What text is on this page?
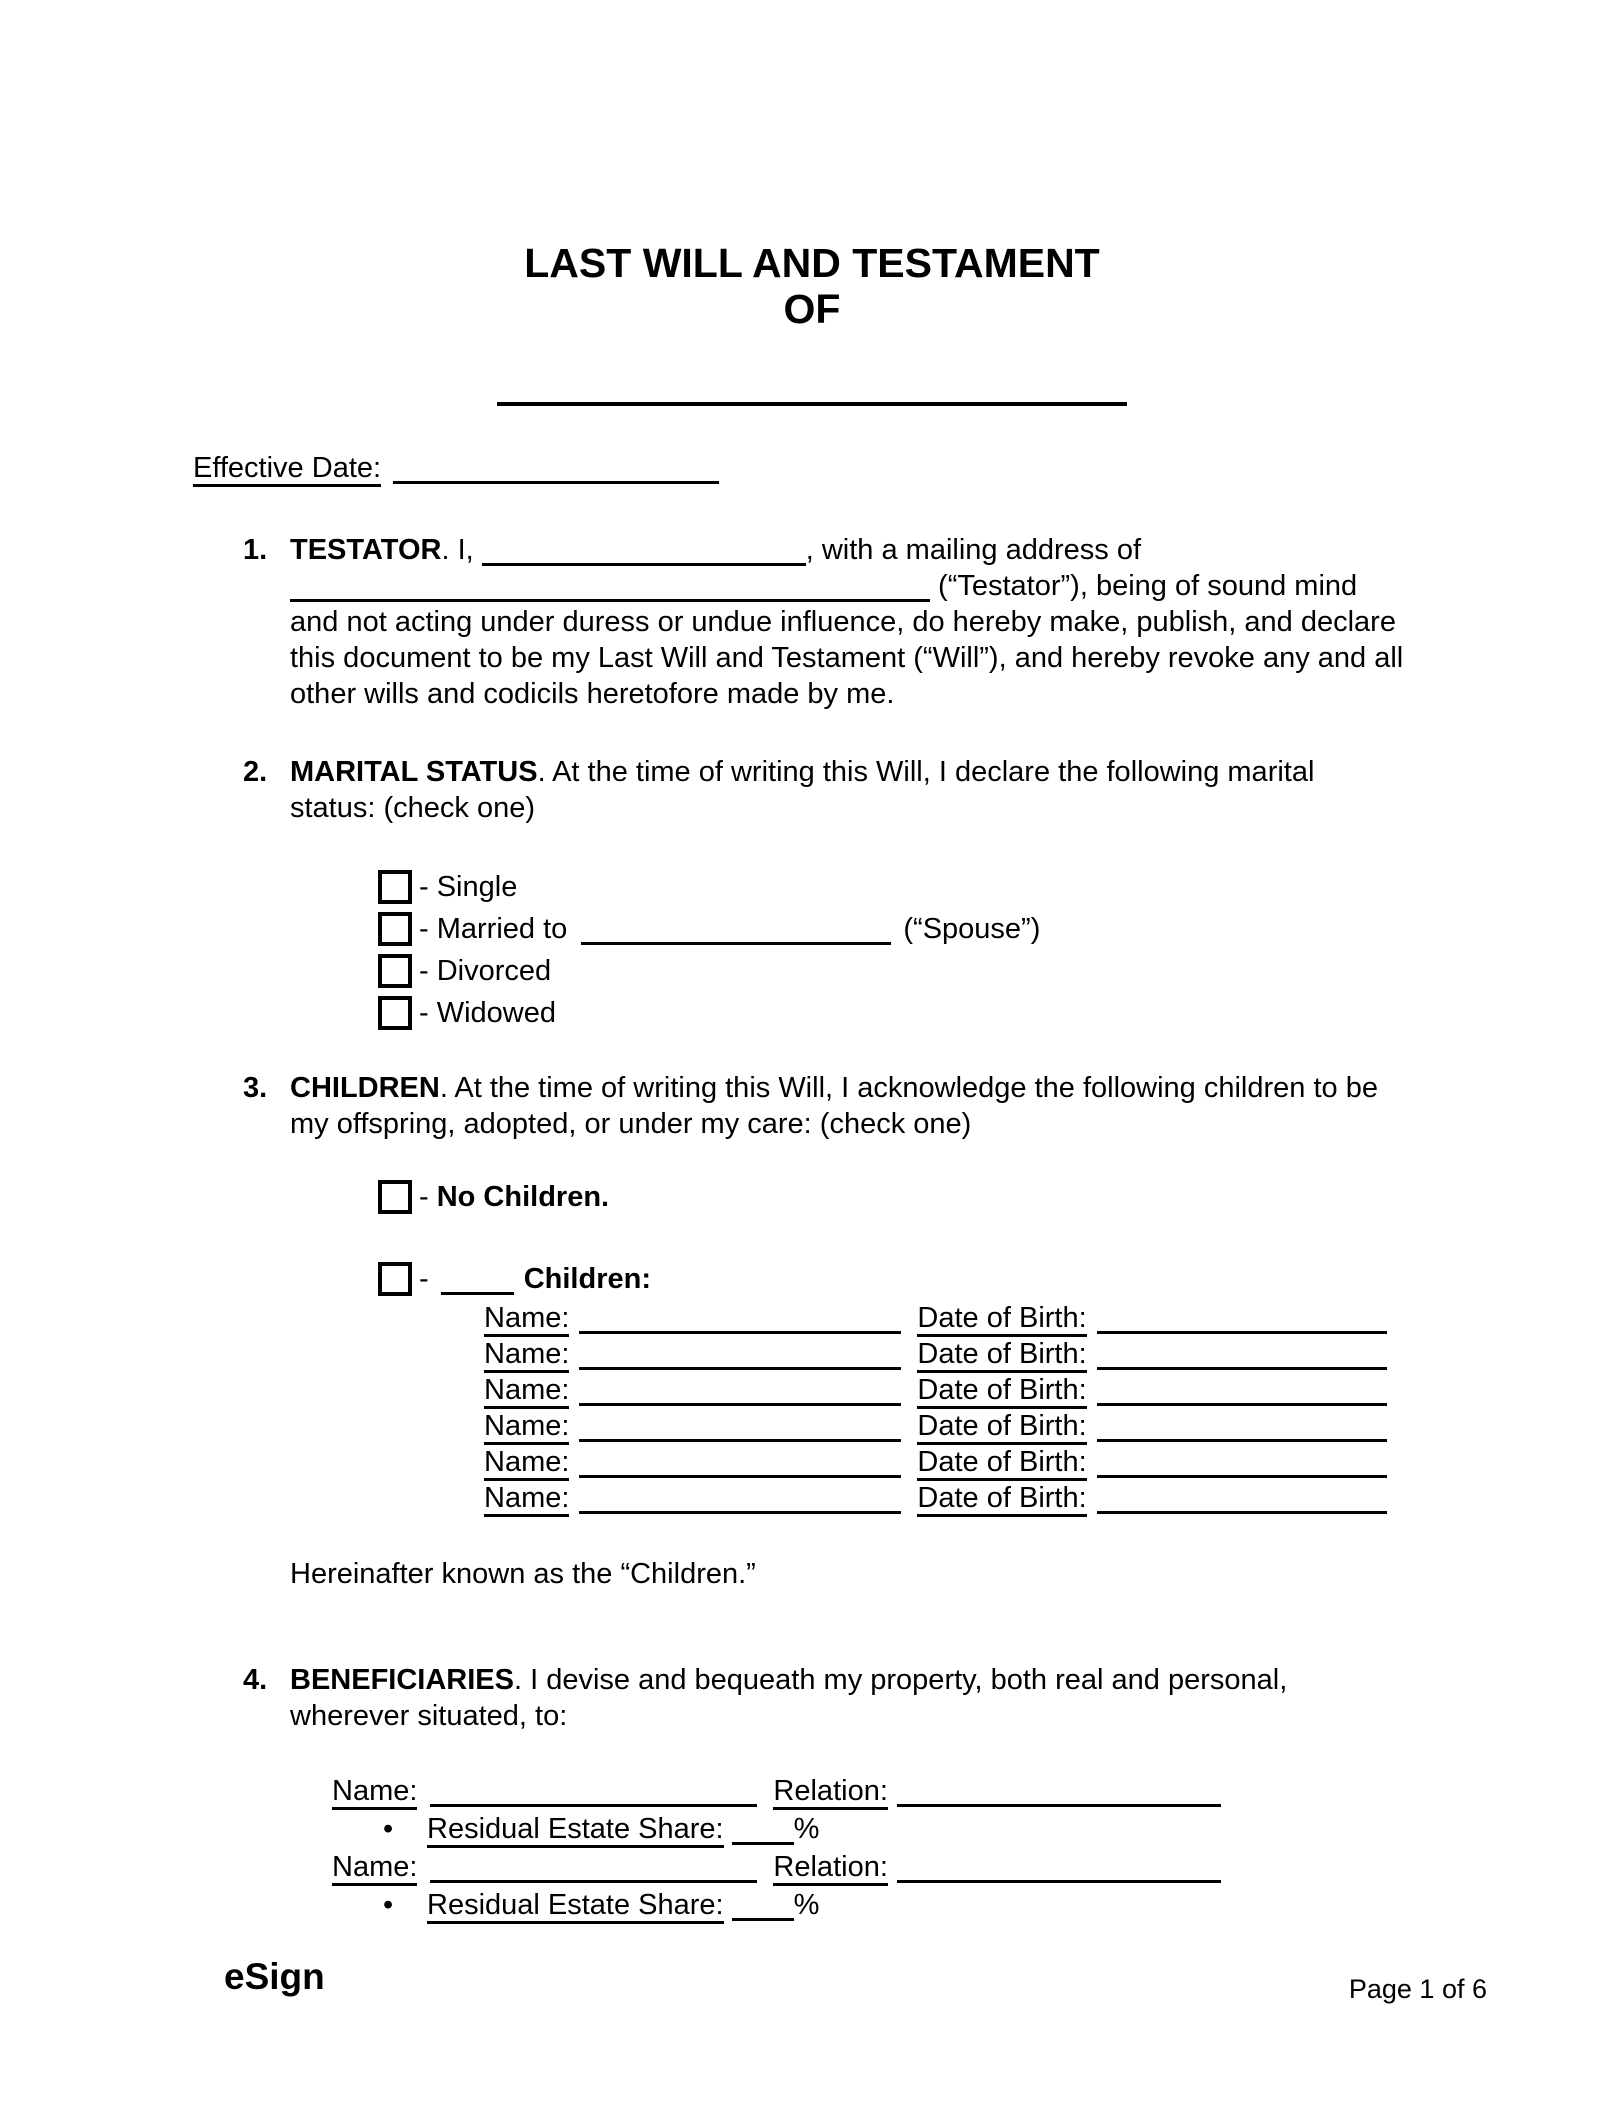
LAST WILL AND TESTAMENT
OF
Effective Date:
1. TESTATOR. I,	, with a mailing address of  (“Testator”), being of sound mind and not acting under duress or undue influence, do hereby make, publish, and declare this document to be my Last Will and Testament (“Will”), and hereby revoke any and all other wills and codicils heretofore made by me.

2. MARITAL STATUS. At the time of writing this Will, I declare the following marital status: (check one)

- Single
- Married to	(“Spouse”)
- Divorced
- Widowed
3. CHILDREN. At the time of writing this Will, I acknowledge the following children to be my offspring, adopted, or under my care: (check one)

- No Children.
-	Children:
Name:	Date of Birth:
Name:	Date of Birth:
Name:	Date of Birth:
Name:	Date of Birth:
Name:	Date of Birth:
Name:	Date of Birth:

Hereinafter known as the “Children.”

4. BENEFICIARIES. I devise and bequeath my property, both real and personal, wherever situated, to:

Name:	Relation:
• Residual Estate Share: %
Name:	Relation:
• Residual Estate Share: %
eSign	Page 1 of 6
